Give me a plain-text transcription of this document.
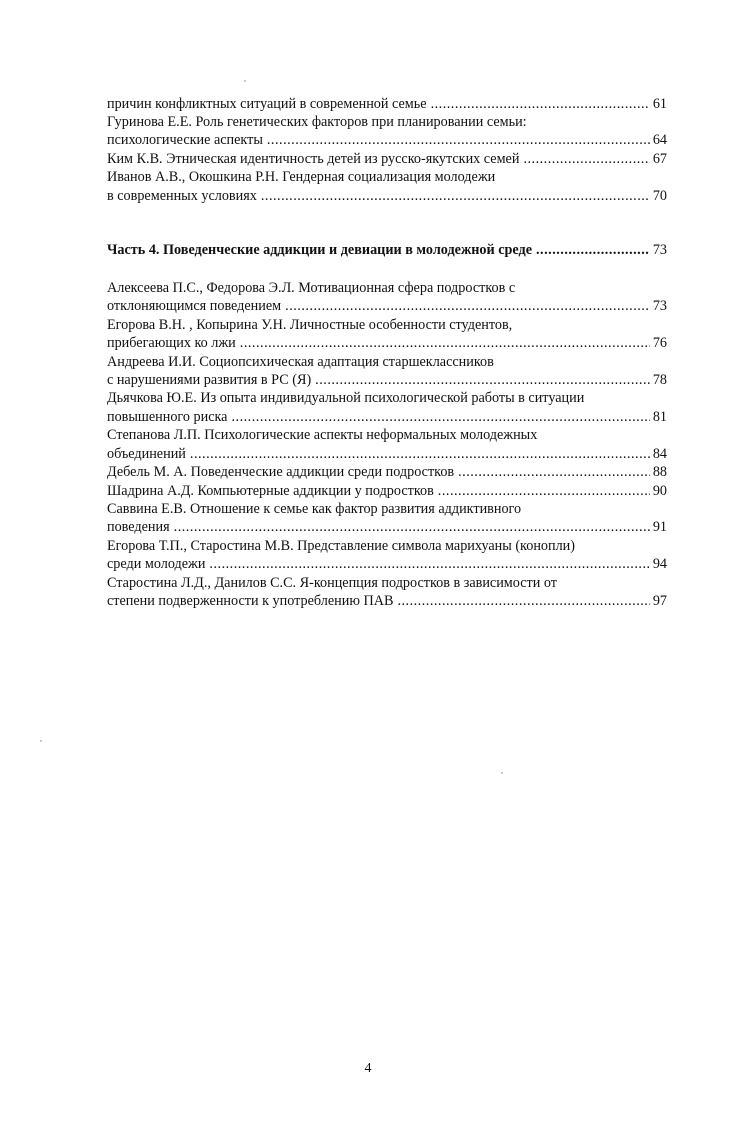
причин конфликтных ситуаций в современной семье .....	61
Гуринова Е.Е. Роль генетических факторов при планировании семьи:
психологические аспекты .....	64
Ким К.В. Этническая идентичность детей из русско-якутских семей .....	67
Иванов А.В., Окошкина Р.Н. Гендерная социализация молодежи
в современных условиях .....	70
Часть 4. Поведенческие аддикции и девиации в молодежной среде .....	73
Алексеева П.С., Федорова Э.Л. Мотивационная сфера подростков с
отклоняющимся поведением .....	73
Егорова В.Н. , Копырина У.Н. Личностные особенности студентов,
прибегающих ко лжи .....	76
Андреева И.И. Социопсихическая адаптация старшеклассников
с нарушениями развития в РС (Я) .....	78
Дьячкова Ю.Е. Из опыта индивидуальной психологической работы в ситуации
повышенного риска .....	81
Степанова Л.П. Психологические аспекты неформальных молодежных
объединений .....	84
Дебель М. А. Поведенческие аддикции среди подростков .....	88
Шадрина А.Д. Компьютерные аддикции у подростков .....	90
Саввина Е.В. Отношение к семье как фактор развития аддиктивного
поведения .....	91
Егорова Т.П., Старостина М.В. Представление символа марихуаны (конопли)
среди молодежи .....	94
Старостина Л.Д., Данилов С.С. Я-концепция подростков в зависимости от
степени подверженности к употреблению ПАВ .....	97
4
